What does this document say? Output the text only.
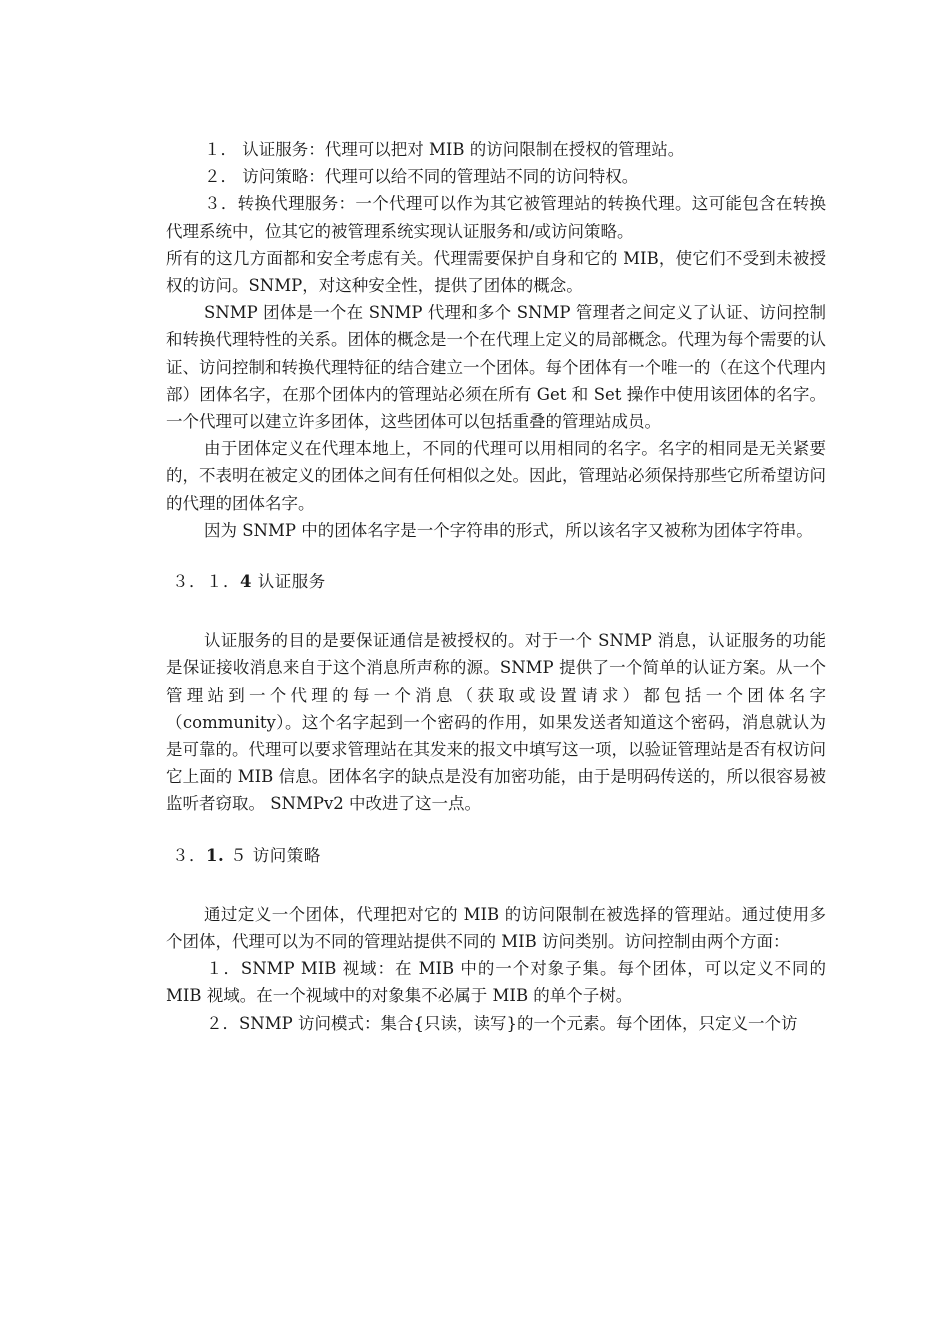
１． 认证服务：代理可以把对 MIB 的访问限制在授权的管理站。

２． 访问策略：代理可以给不同的管理站不同的访问特权。

３．转换代理服务：一个代理可以作为其它被管理站的转换代理。这可能包含在转换代理系统中，位其它的被管理系统实现认证服务和/或访问策略。

所有的这几方面都和安全考虑有关。代理需要保护自身和它的 MIB，使它们不受到未被授权的访问。SNMP，对这种安全性，提供了团体的概念。

SNMP 团体是一个在 SNMP 代理和多个 SNMP 管理者之间定义了认证、访问控制和转换代理特性的关系。团体的概念是一个在代理上定义的局部概念。代理为每个需要的认证、访问控制和转换代理特征的结合建立一个团体。每个团体有一个唯一的（在这个代理内部）团体名字，在那个团体内的管理站必须在所有 Get 和 Set 操作中使用该团体的名字。一个代理可以建立许多团体，这些团体可以包括重叠的管理站成员。

由于团体定义在代理本地上，不同的代理可以用相同的名字。名字的相同是无关紧要的，不表明在被定义的团体之间有任何相似之处。因此，管理站必须保持那些它所希望访问的代理的团体名字。

因为 SNMP 中的团体名字是一个字符串的形式，所以该名字又被称为团体字符串。

３．１．4 认证服务

认证服务的目的是要保证通信是被授权的。对于一个 SNMP 消息，认证服务的功能是保证接收消息来自于这个消息所声称的源。SNMP 提供了一个简单的认证方案。从一个管理站到一个代理的每一个消息（获取或设置请求）都包括一个团体名字（community）。这个名字起到一个密码的作用，如果发送者知道这个密码，消息就认为是可靠的。代理可以要求管理站在其发来的报文中填写这一项，以验证管理站是否有权访问它上面的 MIB 信息。团体名字的缺点是没有加密功能，由于是明码传送的，所以很容易被监听者窃取。 SNMPv2 中改进了这一点。

３．1. ５ 访问策略

通过定义一个团体，代理把对它的 MIB 的访问限制在被选择的管理站。通过使用多个团体，代理可以为不同的管理站提供不同的 MIB 访问类别。访问控制由两个方面：

１．SNMP MIB 视域：在 MIB 中的一个对象子集。每个团体，可以定义不同的 MIB 视域。在一个视域中的对象集不必属于 MIB 的单个子树。

２．SNMP 访问模式：集合{只读，读写}的一个元素。每个团体，只定义一个访
